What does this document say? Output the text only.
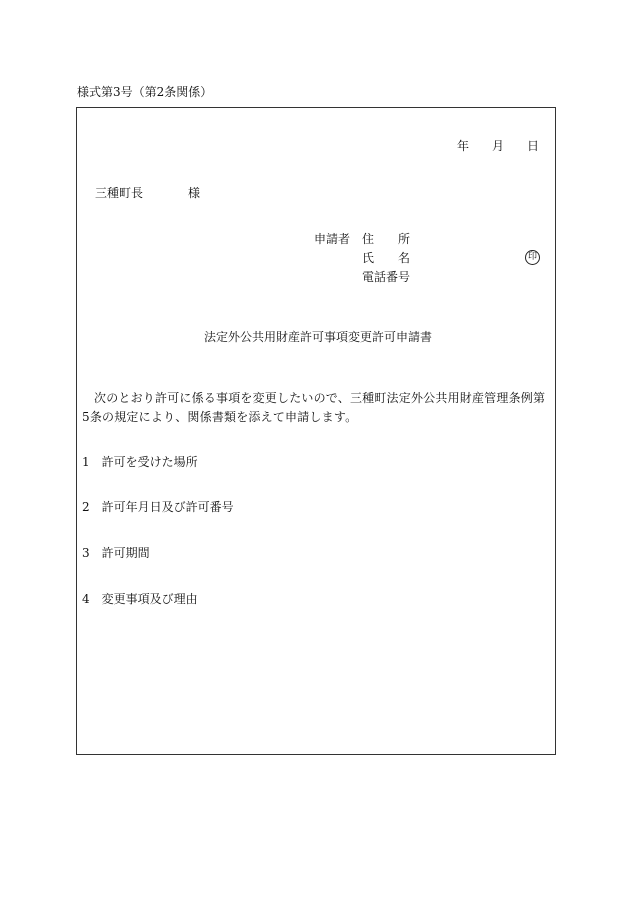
様式第3号（第2条関係）
年 月 日
三種町長	様
申請者 住　　所
氏　　名	印
電話番号
法定外公共用財産許可事項変更許可申請書
次のとおり許可に係る事項を変更したいので、三種町法定外公共用財産管理条例第5条の規定により、関係書類を添えて申請します。
1 許可を受けた場所
2 許可年月日及び許可番号
3 許可期間
4 変更事項及び理由
